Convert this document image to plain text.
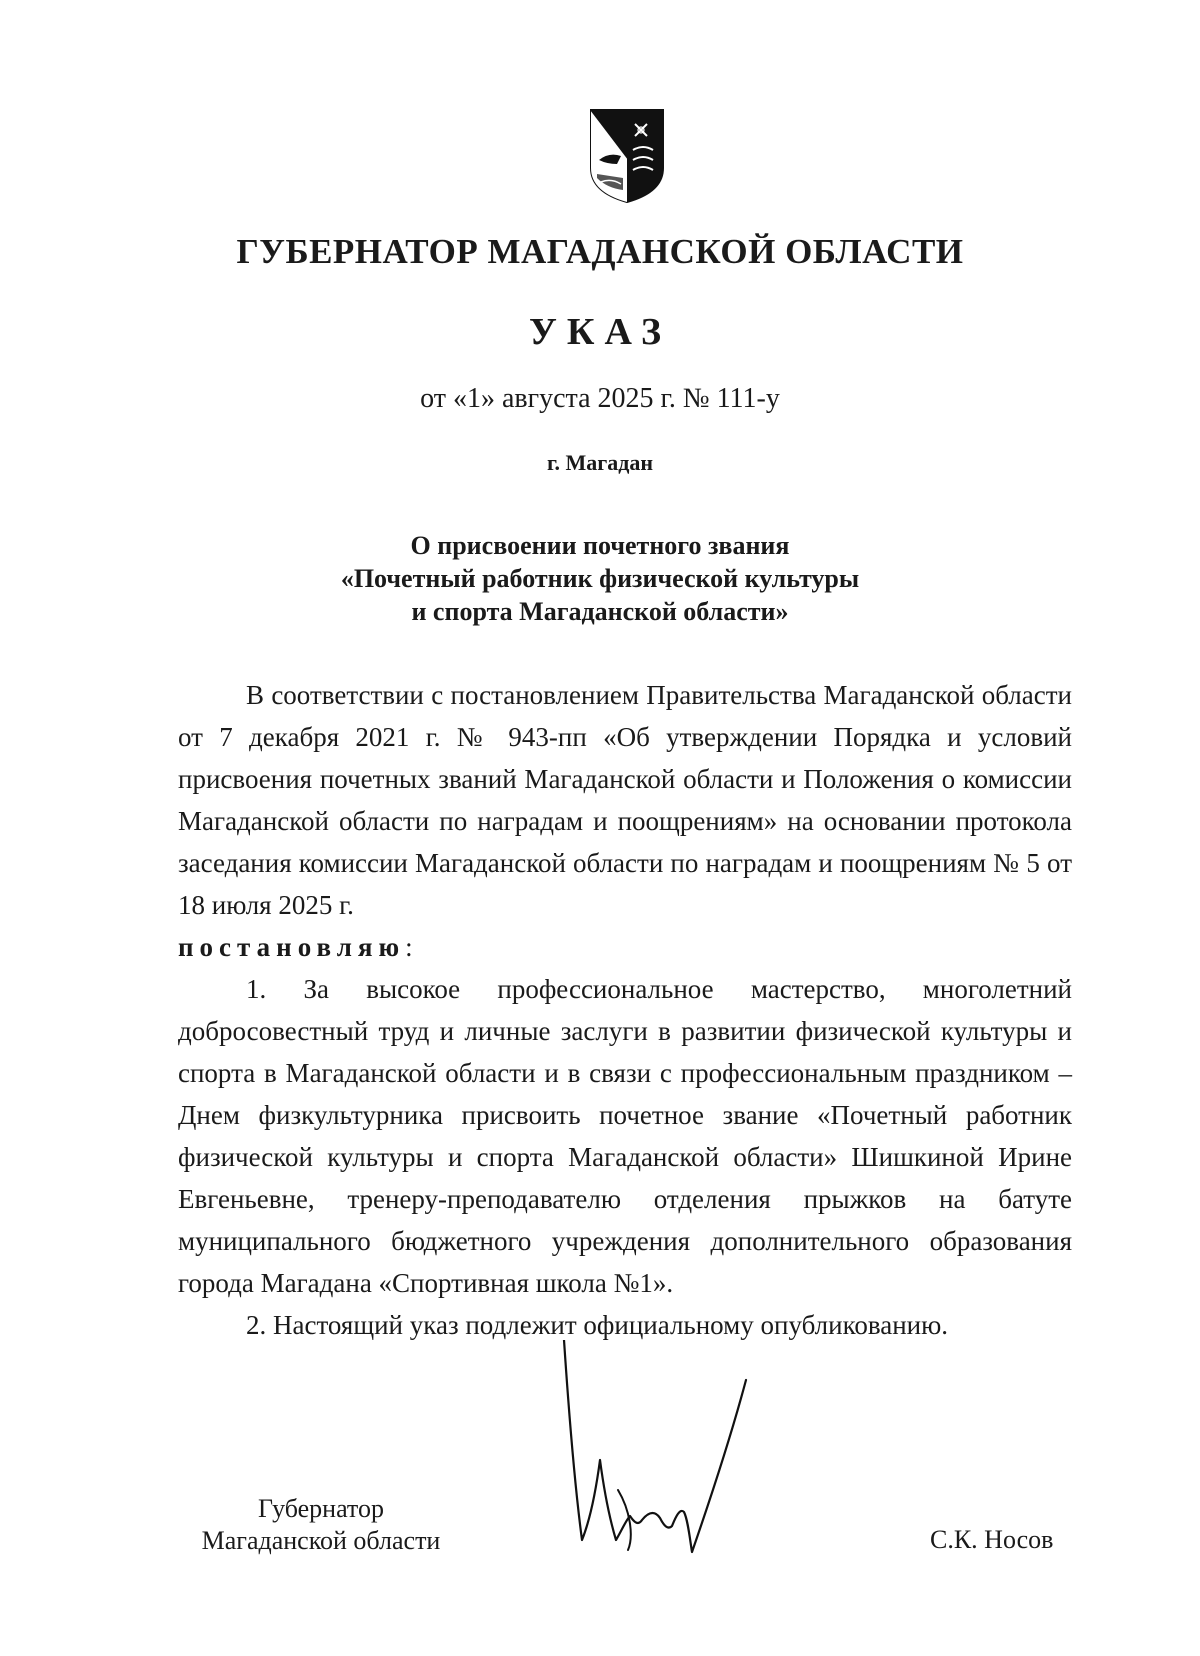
ГУБЕРНАТОР МАГАДАНСКОЙ ОБЛАСТИ
УКАЗ
от «1» августа 2025 г. № 111-у
г. Магадан
О присвоении почетного звания
«Почетный работник физической культуры
и спорта Магаданской области»

В соответствии с постановлением Правительства Магаданской области от 7 декабря 2021 г. № 943-пп «Об утверждении Порядка и условий присвоения почетных званий Магаданской области и Положения о комиссии Магаданской области по наградам и поощрениям» на основании протокола заседания комиссии Магаданской области по наградам и поощрениям № 5 от 18 июля 2025 г.

постановляю:

1. За высокое профессиональное мастерство, многолетний добросовестный труд и личные заслуги в развитии физической культуры и спорта в Магаданской области и в связи с профессиональным праздником – Днем физкультурника присвоить почетное звание «Почетный работник физической культуры и спорта Магаданской области» Шишкиной Ирине Евгеньевне, тренеру-преподавателю отделения прыжков на батуте муниципального бюджетного учреждения дополнительного образования города Магадана «Спортивная школа №1».

2. Настоящий указ подлежит официальному опубликованию.

Губернатор
Магаданской области	С.К. Носов
